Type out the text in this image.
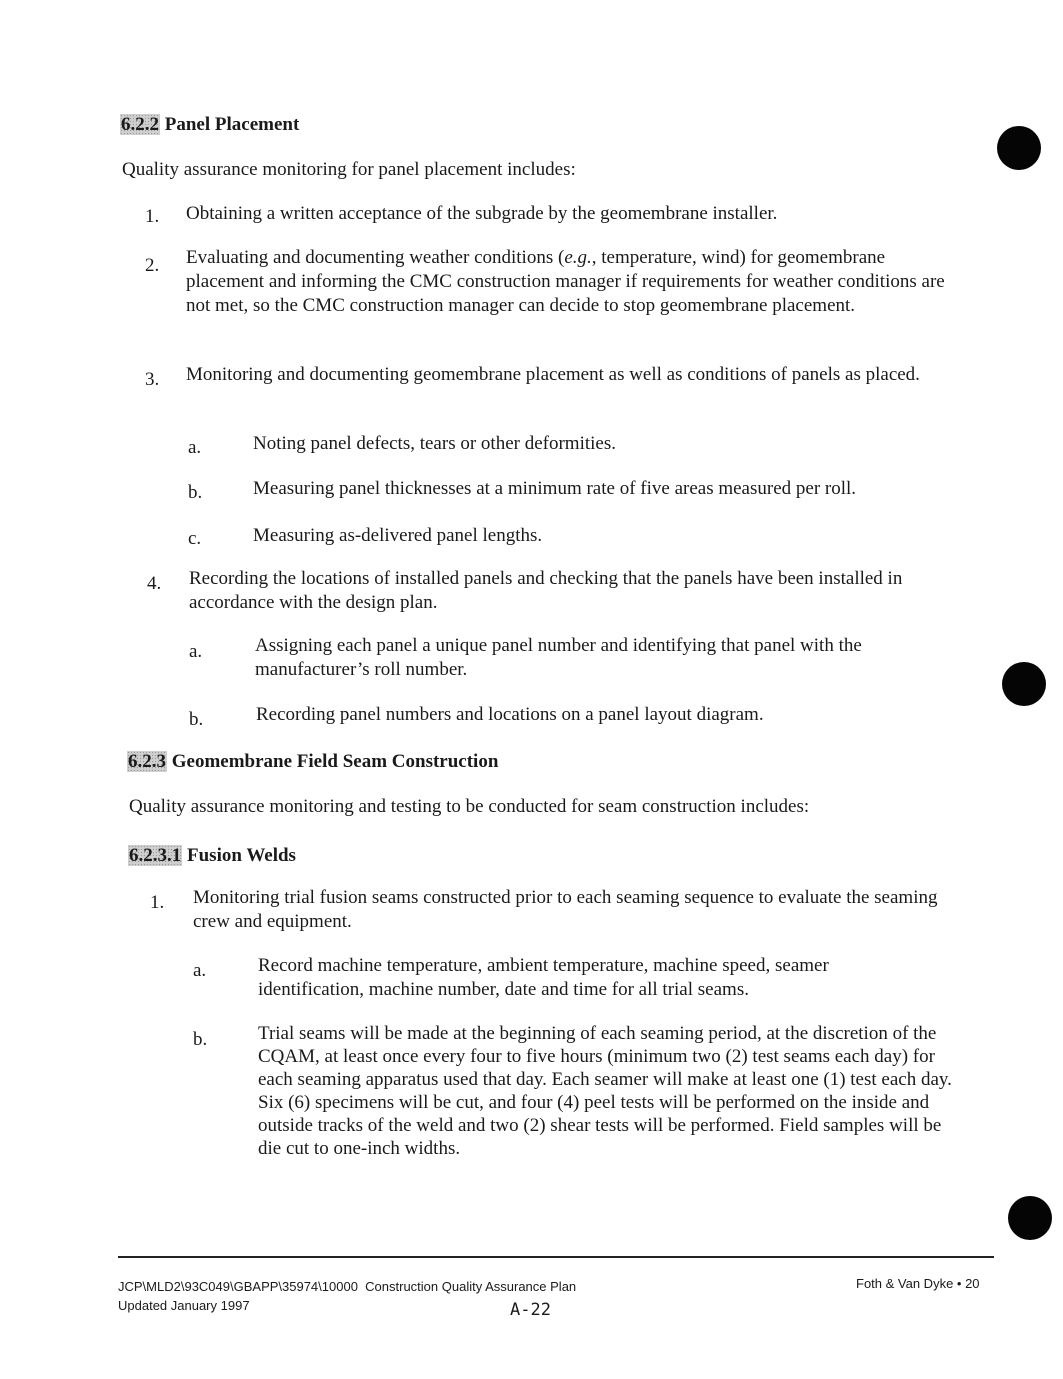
6.2.2 Panel Placement
Quality assurance monitoring for panel placement includes:
1. Obtaining a written acceptance of the subgrade by the geomembrane installer.
2. Evaluating and documenting weather conditions (e.g., temperature, wind) for geomembrane placement and informing the CMC construction manager if requirements for weather conditions are not met, so the CMC construction manager can decide to stop geomembrane placement.
3. Monitoring and documenting geomembrane placement as well as conditions of panels as placed.
a.	Noting panel defects, tears or other deformities.
b.	Measuring panel thicknesses at a minimum rate of five areas measured per roll.
c.	Measuring as-delivered panel lengths.
4. Recording the locations of installed panels and checking that the panels have been installed in accordance with the design plan.
a.	Assigning each panel a unique panel number and identifying that panel with the manufacturer’s roll number.
b.	Recording panel numbers and locations on a panel layout diagram.
6.2.3 Geomembrane Field Seam Construction
Quality assurance monitoring and testing to be conducted for seam construction includes:
6.2.3.1 Fusion Welds
1. Monitoring trial fusion seams constructed prior to each seaming sequence to evaluate the seaming crew and equipment.
a.	Record machine temperature, ambient temperature, machine speed, seamer identification, machine number, date and time for all trial seams.
b.	Trial seams will be made at the beginning of each seaming period, at the discretion of the CQAM, at least once every four to five hours (minimum two (2) test seams each day) for each seaming apparatus used that day. Each seamer will make at least one (1) test each day. Six (6) specimens will be cut, and four (4) peel tests will be performed on the inside and outside tracks of the weld and two (2) shear tests will be performed. Field samples will be die cut to one-inch widths.
JCP\MLD2\93C049\GBAPP\35974\10000  Construction Quality Assurance Plan
Updated January 1997
Foth & Van Dyke • 20
A-22
